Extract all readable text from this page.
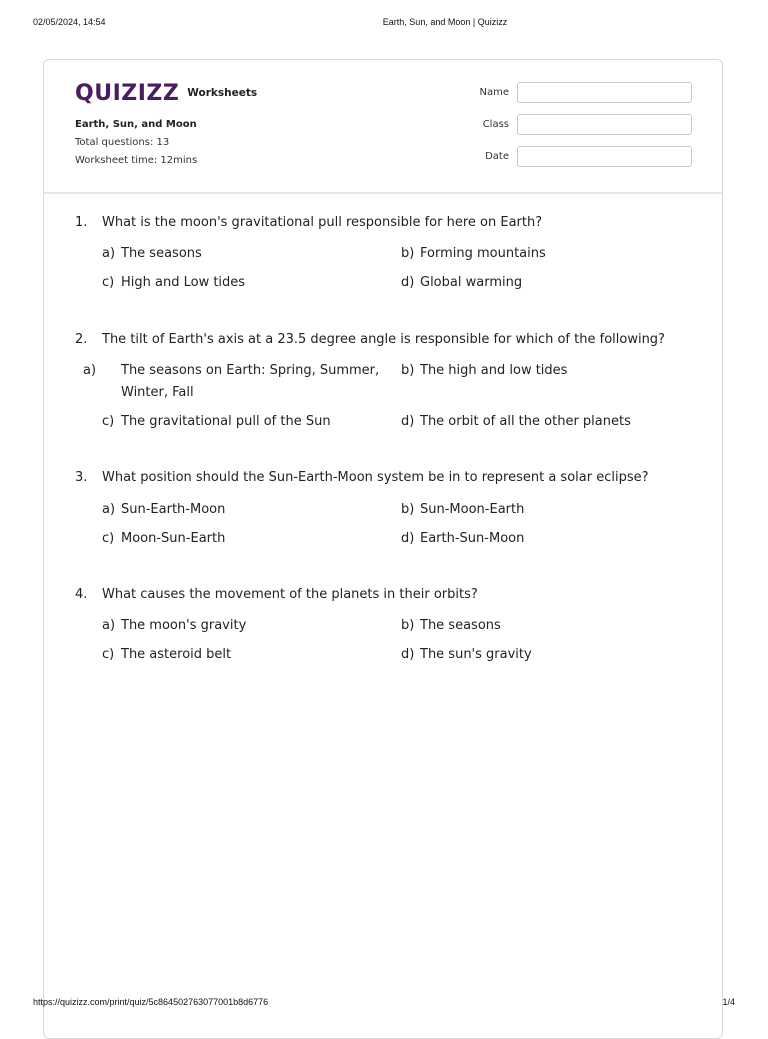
02/05/2024, 14:54	Earth, Sun, and Moon | Quizizz
QUIZIZZ Worksheets
Earth, Sun, and Moon
Total questions: 13
Worksheet time: 12mins
Name
Class
Date
1. What is the moon's gravitational pull responsible for here on Earth?
a) The seasons	b) Forming mountains
c) High and Low tides	d) Global warming
2. The tilt of Earth's axis at a 23.5 degree angle is responsible for which of the following?
a) The seasons on Earth: Spring, Summer, Winter, Fall
b) The high and low tides
c) The gravitational pull of the Sun	d) The orbit of all the other planets
3. What position should the Sun-Earth-Moon system be in to represent a solar eclipse?
a) Sun-Earth-Moon	b) Sun-Moon-Earth
c) Moon-Sun-Earth	d) Earth-Sun-Moon
4. What causes the movement of the planets in their orbits?
a) The moon's gravity	b) The seasons
c) The asteroid belt	d) The sun's gravity
https://quizizz.com/print/quiz/5c864502763077001b8d6776	1/4
